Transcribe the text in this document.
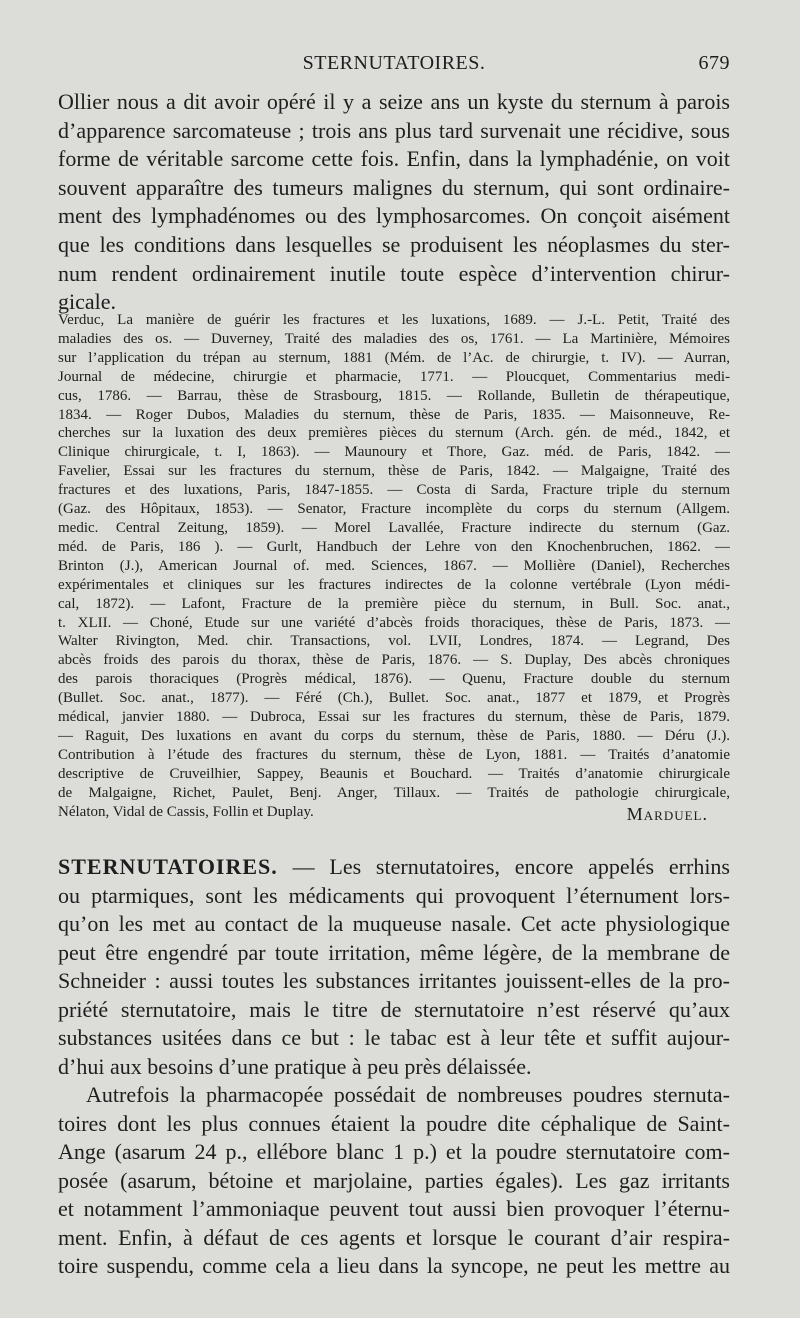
STERNUTATOIRES.	679
Ollier nous a dit avoir opéré il y a seize ans un kyste du sternum à parois
d’apparence sarcomateuse ; trois ans plus tard survenait une récidive, sous
forme de véritable sarcome cette fois. Enfin, dans la lymphadénie, on voit
souvent apparaître des tumeurs malignes du sternum, qui sont ordinaire-
ment des lymphadénomes ou des lymphosarcomes. On conçoit aisément
que les conditions dans lesquelles se produisent les néoplasmes du ster-
num rendent ordinairement inutile toute espèce d’intervention chirur-
gicale.
Verduc, La manière de guérir les fractures et les luxations, 1689. — J.-L. Petit, Traité des
maladies des os. — Duverney, Traité des maladies des os, 1761. — La Martinière, Mémoires
sur l’application du trépan au sternum, 1881 (Mém. de l’Ac. de chirurgie, t. IV). — Aurran,
Journal de médecine, chirurgie et pharmacie, 1771. — Ploucquet, Commentarius medi-
cus, 1786. — Barrau, thèse de Strasbourg, 1815. — Rollande, Bulletin de thérapeutique,
1834. — Roger Dubos, Maladies du sternum, thèse de Paris, 1835. — Maisonneuve, Re-
cherches sur la luxation des deux premières pièces du sternum (Arch. gén. de méd., 1842, et
Clinique chirurgicale, t. I, 1863). — Maunoury et Thore, Gaz. méd. de Paris, 1842. —
Favelier, Essai sur les fractures du sternum, thèse de Paris, 1842. — Malgaigne, Traité des
fractures et des luxations, Paris, 1847-1855. — Costa di Sarda, Fracture triple du sternum
(Gaz. des Hôpitaux, 1853). — Senator, Fracture incomplète du corps du sternum (Allgem.
medic. Central Zeitung, 1859). — Morel Lavallée, Fracture indirecte du sternum (Gaz.
méd. de Paris, 186 ). — Gurlt, Handbuch der Lehre von den Knochenbruchen, 1862. —
Brinton (J.), American Journal of. med. Sciences, 1867. — Mollière (Daniel), Recherches
expérimentales et cliniques sur les fractures indirectes de la colonne vertébrale (Lyon médi-
cal, 1872). — Lafont, Fracture de la première pièce du sternum, in Bull. Soc. anat.,
t. XLII. — Choné, Etude sur une variété d’abcès froids thoraciques, thèse de Paris, 1873. —
Walter Rivington, Med. chir. Transactions, vol. LVII, Londres, 1874. — Legrand, Des
abcès froids des parois du thorax, thèse de Paris, 1876. — S. Duplay, Des abcès chroniques
des parois thoraciques (Progrès médical, 1876). — Quenu, Fracture double du sternum
(Bullet. Soc. anat., 1877). — Féré (Ch.), Bullet. Soc. anat., 1877 et 1879, et Progrès
médical, janvier 1880. — Dubroca, Essai sur les fractures du sternum, thèse de Paris, 1879.
— Raguit, Des luxations en avant du corps du sternum, thèse de Paris, 1880. — Déru (J.).
Contribution à l’étude des fractures du sternum, thèse de Lyon, 1881. — Traités d’anatomie
descriptive de Cruveilhier, Sappey, Beaunis et Bouchard. — Traités d’anatomie chirurgicale
de Malgaigne, Richet, Paulet, Benj. Anger, Tillaux. — Traités de pathologie chirurgicale,
Nélaton, Vidal de Cassis, Follin et Duplay.	Marduel.
STERNUTATOIRES. — Les sternutatoires, encore appelés errhins
ou ptarmiques, sont les médicaments qui provoquent l’éternument lors-
qu’on les met au contact de la muqueuse nasale. Cet acte physiologique
peut être engendré par toute irritation, même légère, de la membrane de
Schneider : aussi toutes les substances irritantes jouissent-elles de la pro-
priété sternutatoire, mais le titre de sternutatoire n’est réservé qu’aux
substances usitées dans ce but : le tabac est à leur tête et suffit aujour-
d’hui aux besoins d’une pratique à peu près délaissée.
Autrefois la pharmacopée possédait de nombreuses poudres sternuta-
toires dont les plus connues étaient la poudre dite céphalique de Saint-
Ange (asarum 24 p., ellébore blanc 1 p.) et la poudre sternutatoire com-
posée (asarum, bétoine et marjolaine, parties égales). Les gaz irritants
et notamment l’ammoniaque peuvent tout aussi bien provoquer l’éternu-
ment. Enfin, à défaut de ces agents et lorsque le courant d’air respira-
toire suspendu, comme cela a lieu dans la syncope, ne peut les mettre au
